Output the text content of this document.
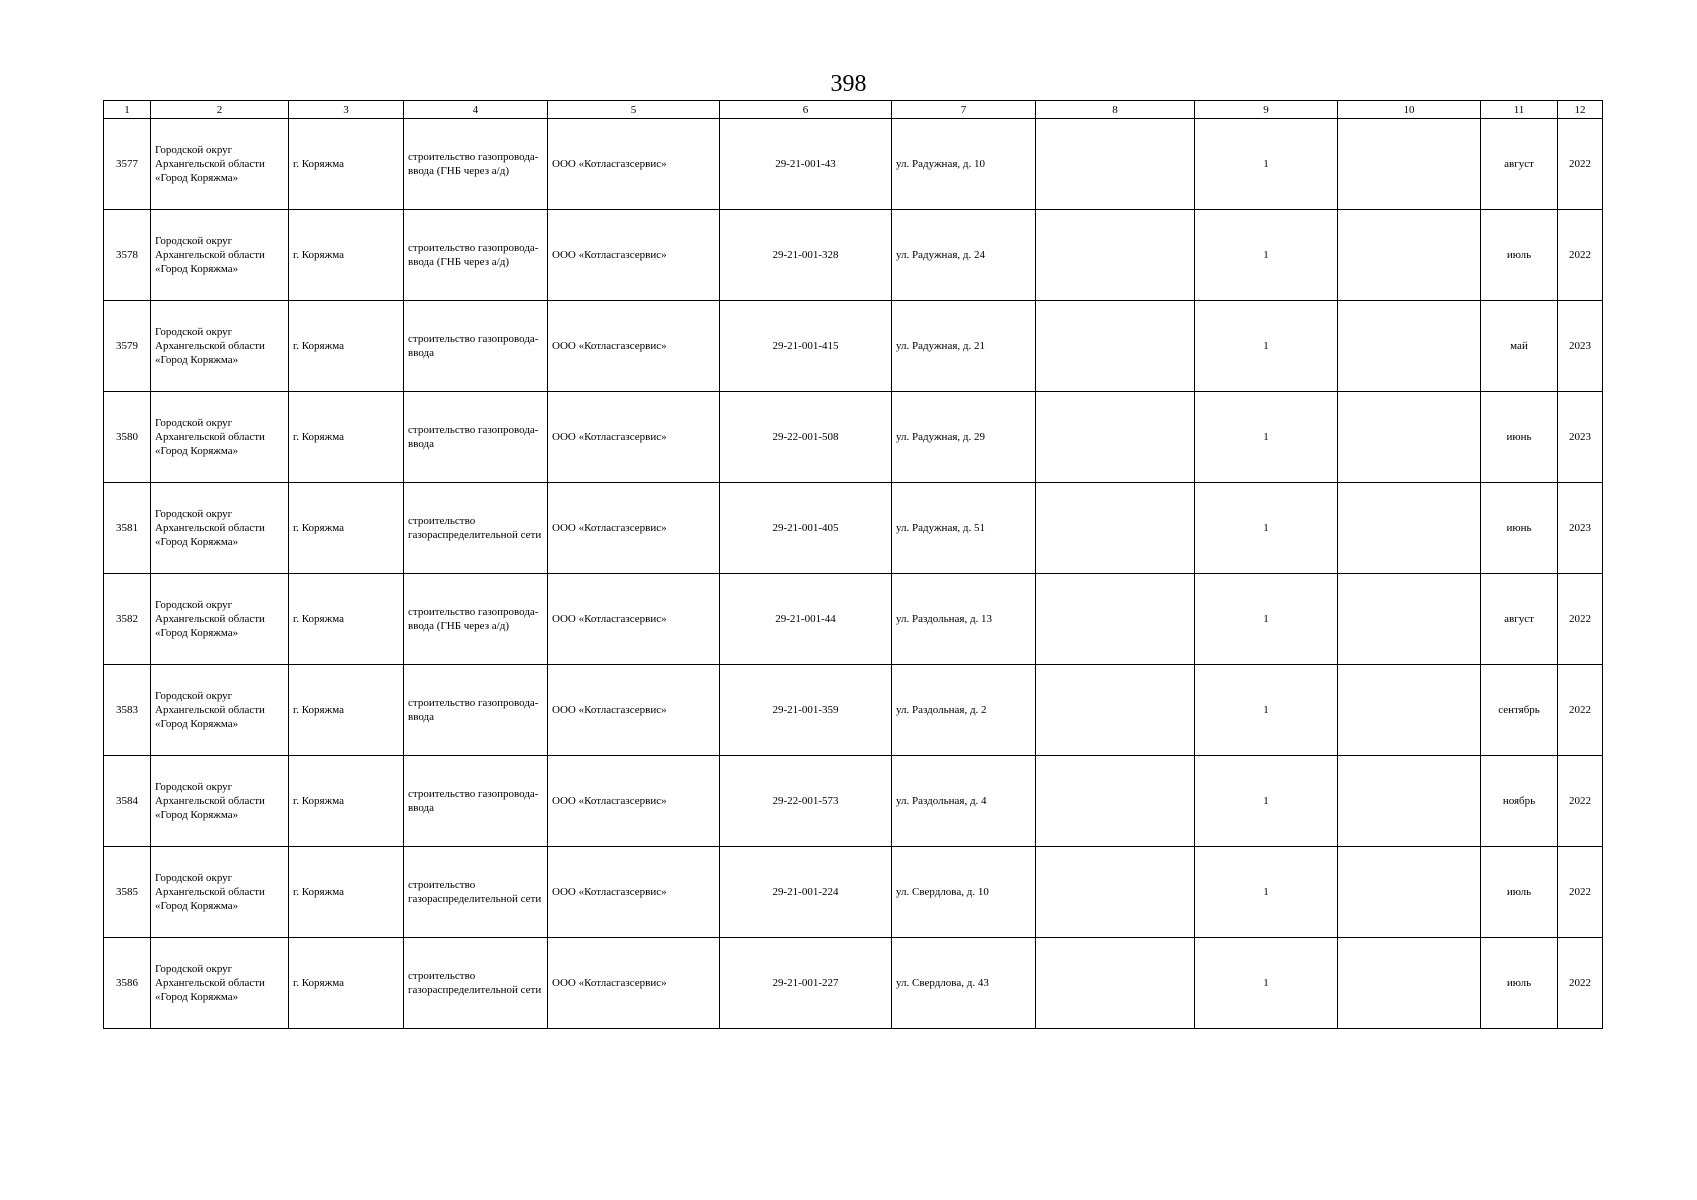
398
1	2	3	4	5	6	7	8	9	10	11	12
3577	Городской округ Архангельской области «Город Коряжма»	г. Коряжма	строительство газопровода-ввода (ГНБ через а/д)	ООО «Котласгазсервис»	29-21-001-43	ул. Радужная, д. 10		1		август	2022
3578	Городской округ Архангельской области «Город Коряжма»	г. Коряжма	строительство газопровода-ввода (ГНБ через а/д)	ООО «Котласгазсервис»	29-21-001-328	ул. Радужная, д. 24		1		июль	2022
3579	Городской округ Архангельской области «Город Коряжма»	г. Коряжма	строительство газопровода-ввода	ООО «Котласгазсервис»	29-21-001-415	ул. Радужная, д. 21		1		май	2023
3580	Городской округ Архангельской области «Город Коряжма»	г. Коряжма	строительство газопровода-ввода	ООО «Котласгазсервис»	29-22-001-508	ул. Радужная, д. 29		1		июнь	2023
3581	Городской округ Архангельской области «Город Коряжма»	г. Коряжма	строительство газораспределительной сети	ООО «Котласгазсервис»	29-21-001-405	ул. Радужная, д. 51		1		июнь	2023
3582	Городской округ Архангельской области «Город Коряжма»	г. Коряжма	строительство газопровода-ввода (ГНБ через а/д)	ООО «Котласгазсервис»	29-21-001-44	ул. Раздольная, д. 13		1		август	2022
3583	Городской округ Архангельской области «Город Коряжма»	г. Коряжма	строительство газопровода-ввода	ООО «Котласгазсервис»	29-21-001-359	ул. Раздольная, д. 2		1		сентябрь	2022
3584	Городской округ Архангельской области «Город Коряжма»	г. Коряжма	строительство газопровода-ввода	ООО «Котласгазсервис»	29-22-001-573	ул. Раздольная, д. 4		1		ноябрь	2022
3585	Городской округ Архангельской области «Город Коряжма»	г. Коряжма	строительство газораспределительной сети	ООО «Котласгазсервис»	29-21-001-224	ул. Свердлова, д. 10		1		июль	2022
3586	Городской округ Архангельской области «Город Коряжма»	г. Коряжма	строительство газораспределительной сети	ООО «Котласгазсервис»	29-21-001-227	ул. Свердлова, д. 43		1		июль	2022
